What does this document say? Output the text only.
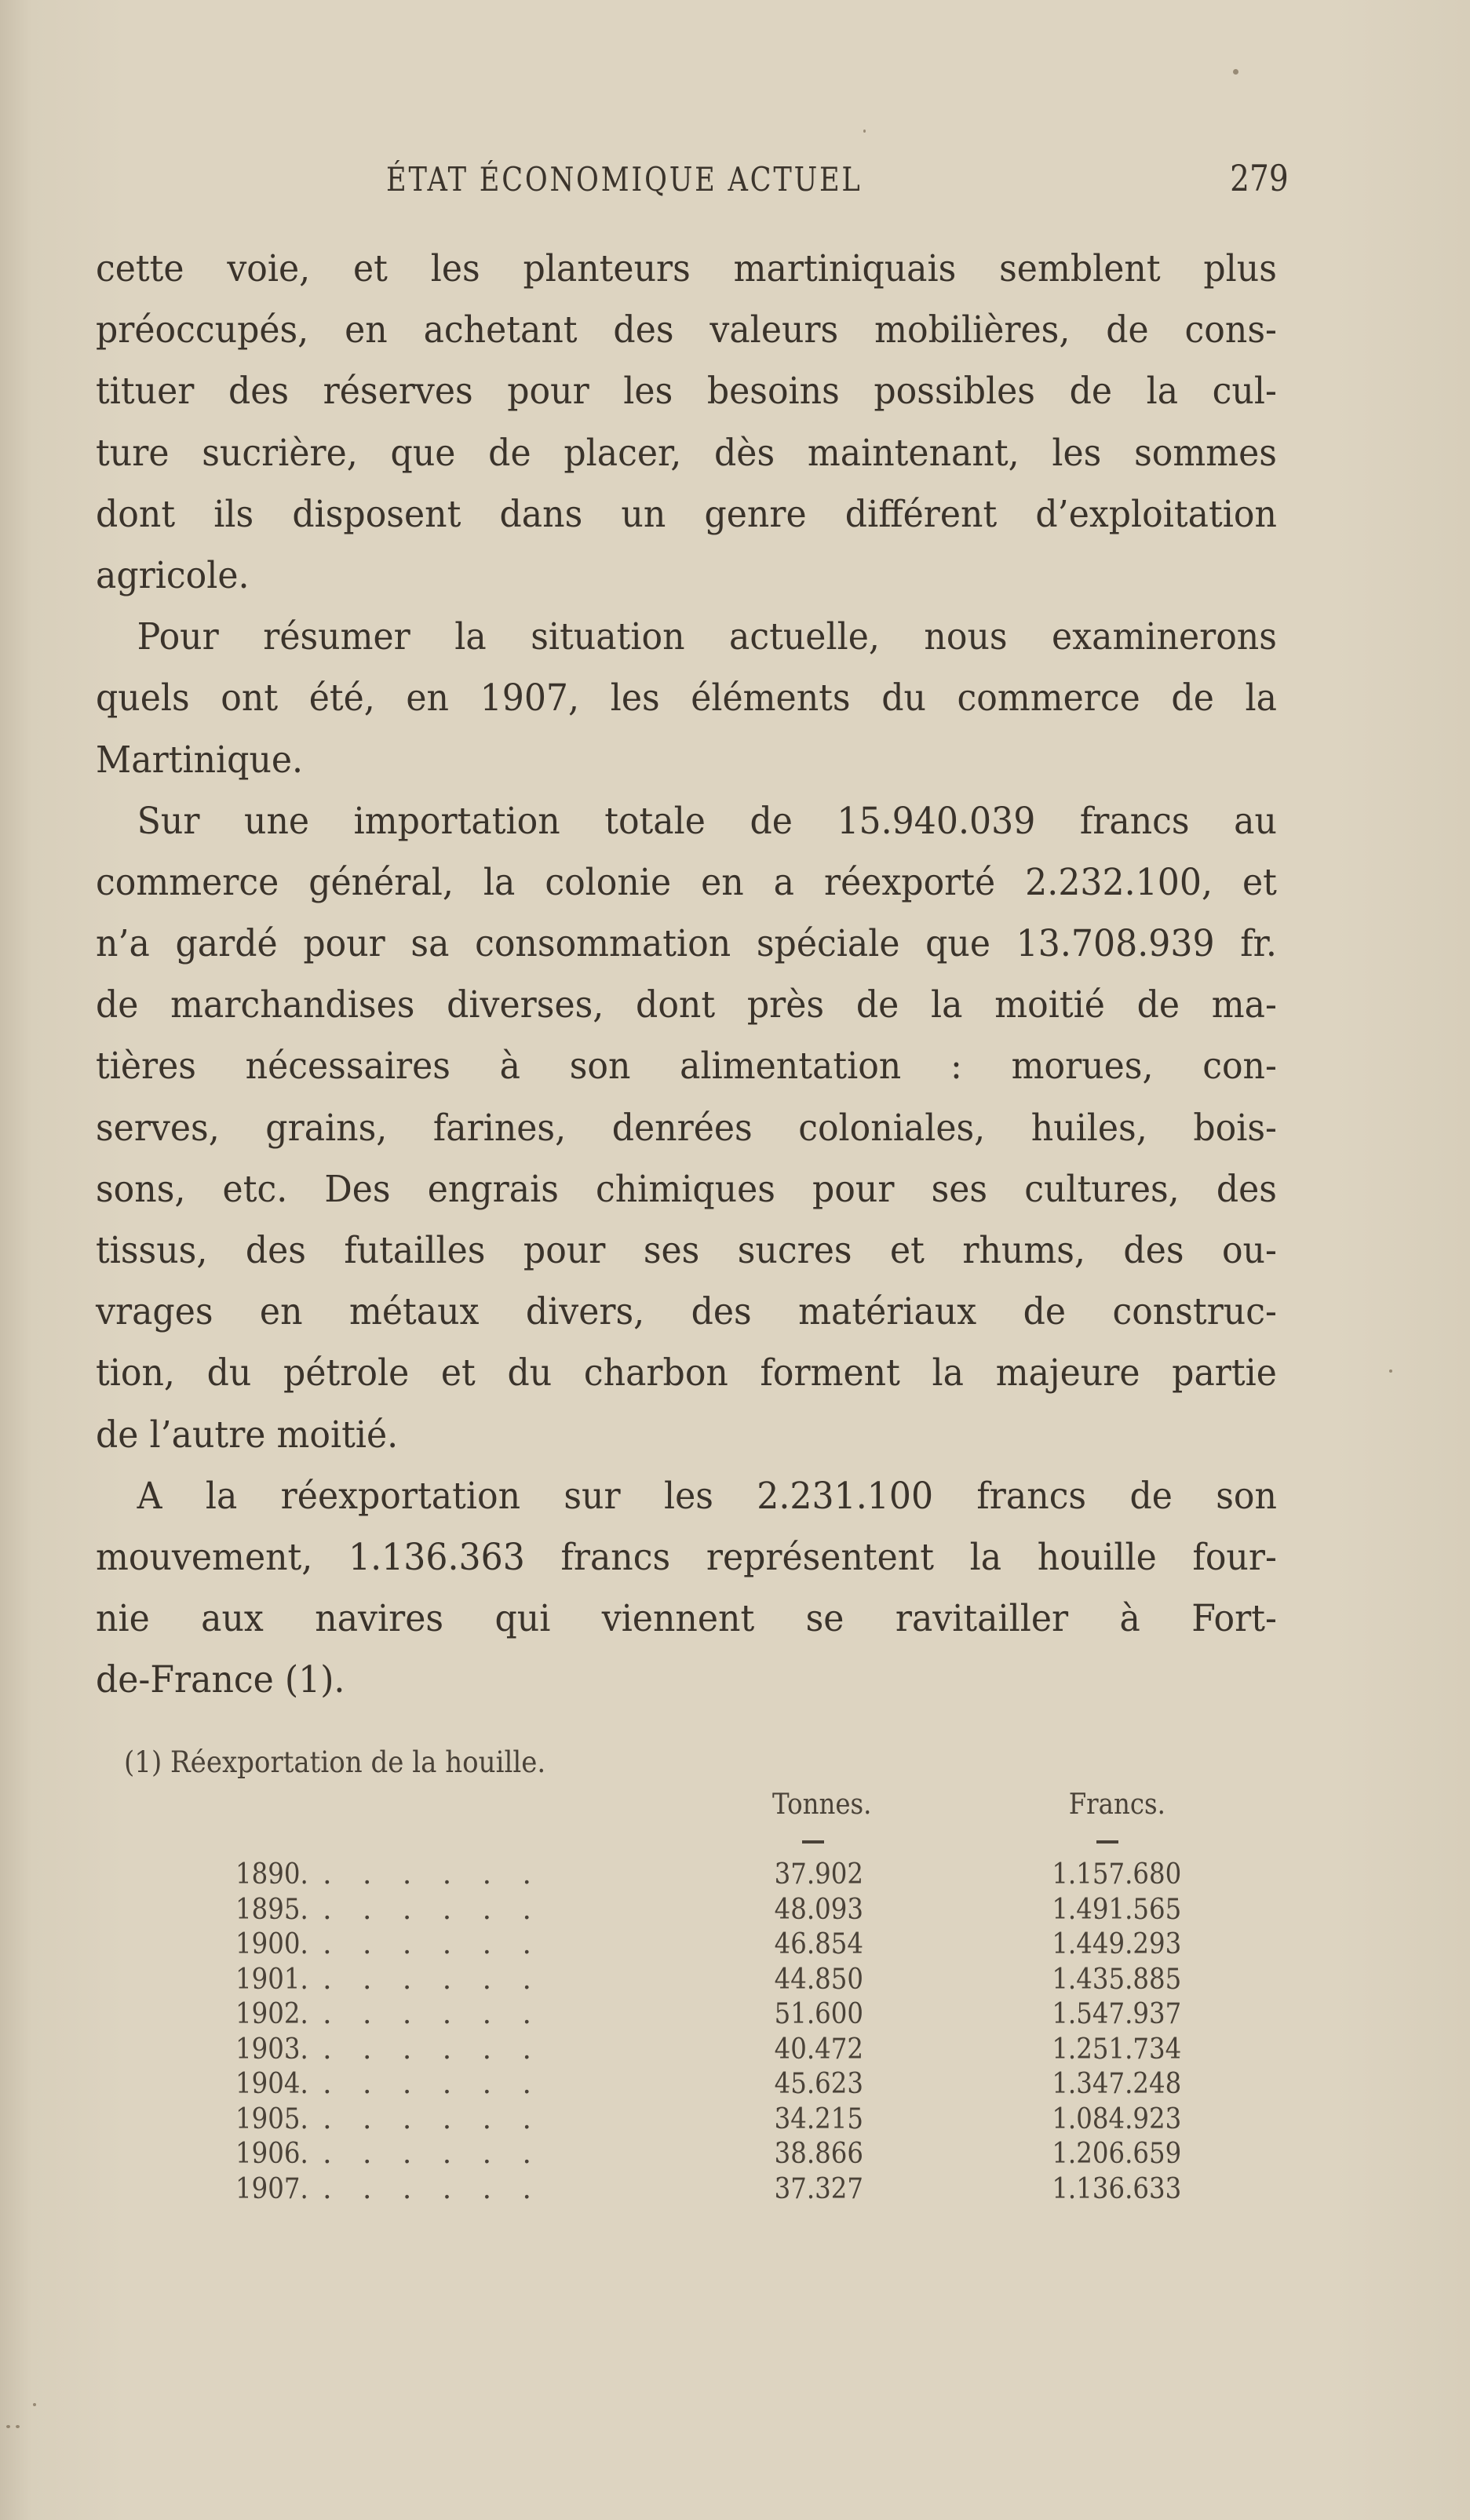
ÉTAT ÉCONOMIQUE ACTUEL	279
cette voie, et les planteurs martiniquais semblent plus
préoccupés, en achetant des valeurs mobilières, de cons-
tituer des réserves pour les besoins possibles de la cul-
ture sucrière, que de placer, dès maintenant, les sommes
dont ils disposent dans un genre différent d’exploitation
agricole.
Pour résumer la situation actuelle, nous examinerons
quels ont été, en 1907, les éléments du commerce de la
Martinique.
Sur une importation totale de 15.940.039 francs au
commerce général, la colonie en a réexporté 2.232.100, et
n’a gardé pour sa consommation spéciale que 13.708.939 fr.
de marchandises diverses, dont près de la moitié de ma-
tières nécessaires à son alimentation : morues, con-
serves, grains, farines, denrées coloniales, huiles, bois-
sons, etc. Des engrais chimiques pour ses cultures, des
tissus, des futailles pour ses sucres et rhums, des ou-
vrages en métaux divers, des matériaux de construc-
tion, du pétrole et du charbon forment la majeure partie
de l’autre moitié.
A la réexportation sur les 2.231.100 francs de son
mouvement, 1.136.363 francs représentent la houille four-
nie aux navires qui viennent se ravitailler à Fort-
de-France (1).
(1) Réexportation de la houille.
	Tonnes.	Francs.

1890. . . . . . .	37.902	1.157.680
1895. . . . . . .	48.093	1.491.565
1900. . . . . . .	46.854	1.449.293
1901. . . . . . .	44.850	1.435.885
1902. . . . . . .	51.600	1.547.937
1903. . . . . . .	40.472	1.251.734
1904. . . . . . .	45.623	1.347.248
1905. . . . . . .	34.215	1.084.923
1906. . . . . . .	38.866	1.206.659
1907. . . . . . .	37.327	1.136.633
